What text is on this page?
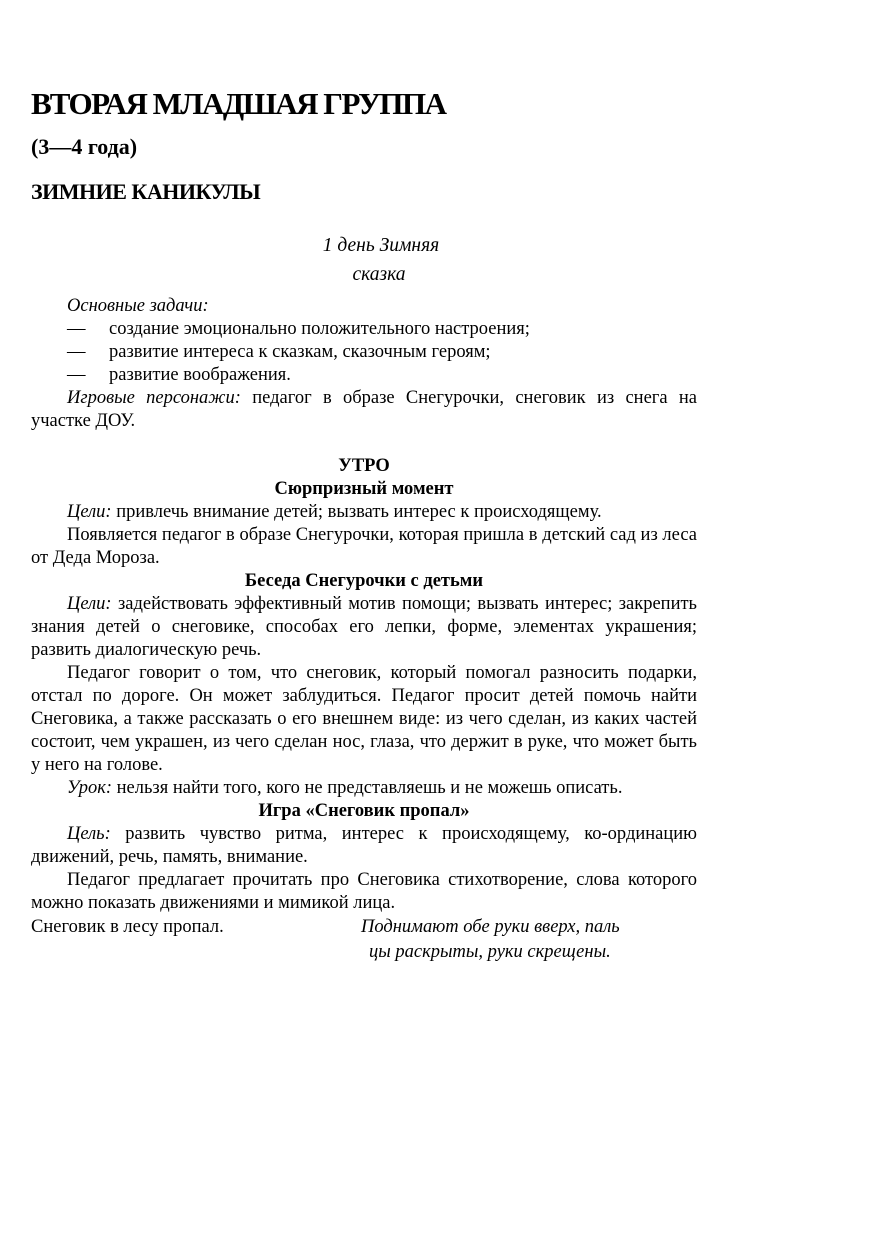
ВТОРАЯ МЛАДШАЯ ГРУППА
(3—4 года)
ЗИМНИЕ КАНИКУЛЫ
1 день Зимняя
сказка

Основные задачи:

—	создание эмоционально положительного настроения;
—	развитие интереса к сказкам, сказочным героям;
—	развитие воображения.

Игровые персонажи: педагог в образе Снегурочки, снеговик из снега на участке ДОУ.

УТРО

Сюрпризный момент

Цели: привлечь внимание детей; вызвать интерес к происходящему.

Появляется педагог в образе Снегурочки, которая пришла в детский сад из леса от Деда Мороза.

Беседа Снегурочки с детьми

Цели: задействовать эффективный мотив помощи; вызвать интерес; закрепить знания детей о снеговике, способах его лепки, форме, элементах украшения; развить диалогическую речь.

Педагог говорит о том, что снеговик, который помогал разносить подарки, отстал по дороге. Он может заблудиться. Педагог просит детей помочь найти Снеговика, а также рассказать о его внешнем виде: из чего сделан, из каких частей состоит, чем украшен, из чего сделан нос, глаза, что держит в руке, что может быть у него на голове.

Урок: нельзя найти того, кого не представляешь и не можешь описать.

Игра «Снеговик пропал»

Цель: развить чувство ритма, интерес к происходящему, ко-ординацию движений, речь, память, внимание.

Педагог предлагает прочитать про Снеговика стихотворение, слова которого можно показать движениями и мимикой лица.

Снеговик в лесу пропал.	Поднимают обе руки вверх, паль
цы раскрыты, руки скрещены.
